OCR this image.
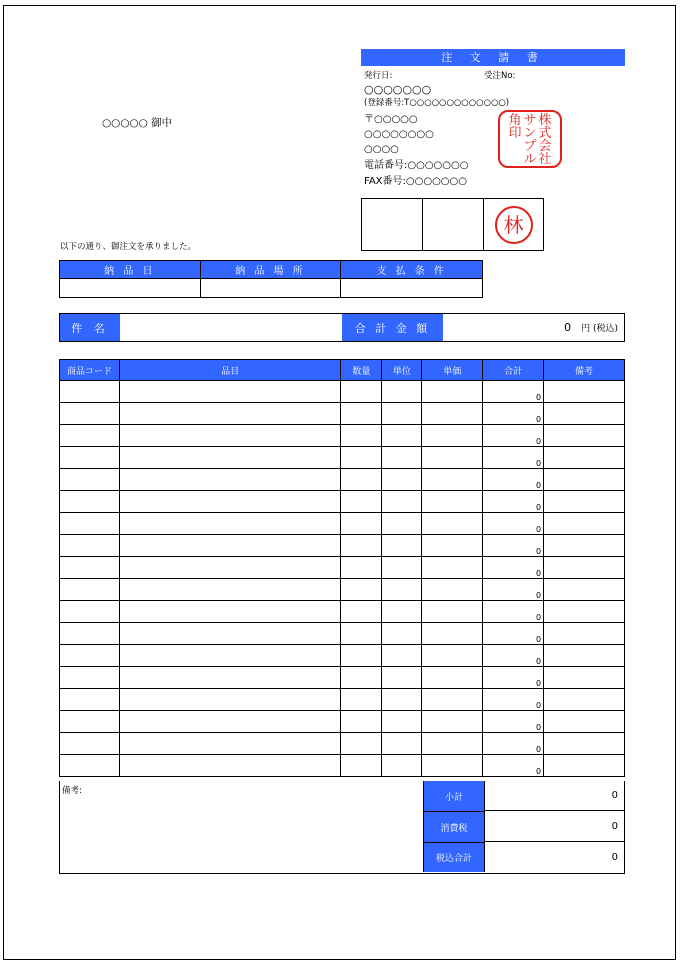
注 文 請 書
○○○○○ 御中
発行日:	受注No:
○○○○○○○
(登録番号:T○○○○○○○○○○○○○)
〒○○○○○
○○○○○○○○
○○○○
電話番号:○○○○○○○
FAX番号:○○○○○○○
株
式
会
社
サ
ン
プ
ル
角
印
林
以下の通り、御注文を承りました。
納 品 日	納 品 場 所	支 払 条 件

件 名	合 計 金 額	0 円 (税込)
商品コード	品目	数量	単位	単価	合計	備考
					0	
					0	
					0	
					0	
					0	
					0	
					0	
					0	
					0	
					0	
					0	
					0	
					0	
					0	
					0	
					0	
					0	
					0	
備考:
小計	0
消費税	0
税込合計	0
